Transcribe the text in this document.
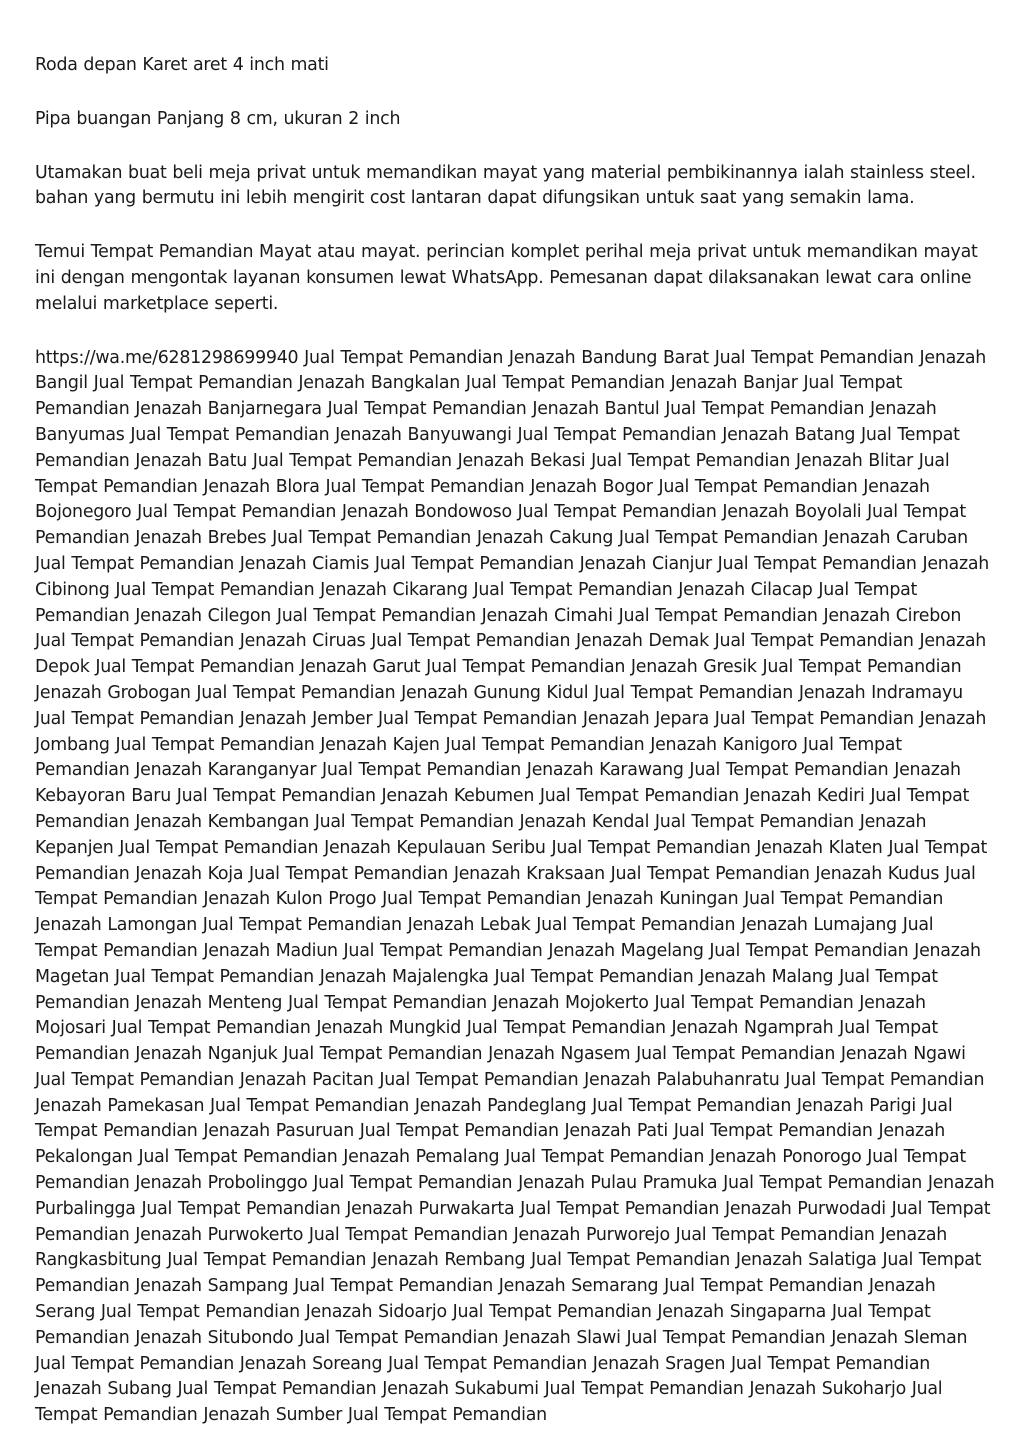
Roda depan Karet aret 4 inch mati

Pipa buangan Panjang 8 cm, ukuran 2 inch

Utamakan buat beli meja privat untuk memandikan mayat yang material pembikinannya ialah stainless steel. bahan yang bermutu ini lebih mengirit cost lantaran dapat difungsikan untuk saat yang semakin lama.

Temui Tempat Pemandian Mayat atau mayat. perincian komplet perihal meja privat untuk memandikan mayat ini dengan mengontak layanan konsumen lewat WhatsApp. Pemesanan dapat dilaksanakan lewat cara online melalui marketplace seperti.

https://wa.me/6281298699940 Jual Tempat Pemandian Jenazah Bandung Barat Jual Tempat Pemandian Jenazah Bangil Jual Tempat Pemandian Jenazah Bangkalan Jual Tempat Pemandian Jenazah Banjar Jual Tempat Pemandian Jenazah Banjarnegara Jual Tempat Pemandian Jenazah Bantul Jual Tempat Pemandian Jenazah Banyumas Jual Tempat Pemandian Jenazah Banyuwangi Jual Tempat Pemandian Jenazah Batang Jual Tempat Pemandian Jenazah Batu Jual Tempat Pemandian Jenazah Bekasi Jual Tempat Pemandian Jenazah Blitar Jual Tempat Pemandian Jenazah Blora Jual Tempat Pemandian Jenazah Bogor Jual Tempat Pemandian Jenazah Bojonegoro Jual Tempat Pemandian Jenazah Bondowoso Jual Tempat Pemandian Jenazah Boyolali Jual Tempat Pemandian Jenazah Brebes Jual Tempat Pemandian Jenazah Cakung Jual Tempat Pemandian Jenazah Caruban Jual Tempat Pemandian Jenazah Ciamis Jual Tempat Pemandian Jenazah Cianjur Jual Tempat Pemandian Jenazah Cibinong Jual Tempat Pemandian Jenazah Cikarang Jual Tempat Pemandian Jenazah Cilacap Jual Tempat Pemandian Jenazah Cilegon Jual Tempat Pemandian Jenazah Cimahi Jual Tempat Pemandian Jenazah Cirebon Jual Tempat Pemandian Jenazah Ciruas Jual Tempat Pemandian Jenazah Demak Jual Tempat Pemandian Jenazah Depok Jual Tempat Pemandian Jenazah Garut Jual Tempat Pemandian Jenazah Gresik Jual Tempat Pemandian Jenazah Grobogan Jual Tempat Pemandian Jenazah Gunung Kidul Jual Tempat Pemandian Jenazah Indramayu Jual Tempat Pemandian Jenazah Jember Jual Tempat Pemandian Jenazah Jepara Jual Tempat Pemandian Jenazah Jombang Jual Tempat Pemandian Jenazah Kajen Jual Tempat Pemandian Jenazah Kanigoro Jual Tempat Pemandian Jenazah Karanganyar Jual Tempat Pemandian Jenazah Karawang Jual Tempat Pemandian Jenazah Kebayoran Baru Jual Tempat Pemandian Jenazah Kebumen Jual Tempat Pemandian Jenazah Kediri Jual Tempat Pemandian Jenazah Kembangan Jual Tempat Pemandian Jenazah Kendal Jual Tempat Pemandian Jenazah Kepanjen Jual Tempat Pemandian Jenazah Kepulauan Seribu Jual Tempat Pemandian Jenazah Klaten Jual Tempat Pemandian Jenazah Koja Jual Tempat Pemandian Jenazah Kraksaan Jual Tempat Pemandian Jenazah Kudus Jual Tempat Pemandian Jenazah Kulon Progo Jual Tempat Pemandian Jenazah Kuningan Jual Tempat Pemandian Jenazah Lamongan Jual Tempat Pemandian Jenazah Lebak Jual Tempat Pemandian Jenazah Lumajang Jual Tempat Pemandian Jenazah Madiun Jual Tempat Pemandian Jenazah Magelang Jual Tempat Pemandian Jenazah Magetan Jual Tempat Pemandian Jenazah Majalengka Jual Tempat Pemandian Jenazah Malang Jual Tempat Pemandian Jenazah Menteng Jual Tempat Pemandian Jenazah Mojokerto Jual Tempat Pemandian Jenazah Mojosari Jual Tempat Pemandian Jenazah Mungkid Jual Tempat Pemandian Jenazah Ngamprah Jual Tempat Pemandian Jenazah Nganjuk Jual Tempat Pemandian Jenazah Ngasem Jual Tempat Pemandian Jenazah Ngawi Jual Tempat Pemandian Jenazah Pacitan Jual Tempat Pemandian Jenazah Palabuhanratu Jual Tempat Pemandian Jenazah Pamekasan Jual Tempat Pemandian Jenazah Pandeglang Jual Tempat Pemandian Jenazah Parigi Jual Tempat Pemandian Jenazah Pasuruan Jual Tempat Pemandian Jenazah Pati Jual Tempat Pemandian Jenazah Pekalongan Jual Tempat Pemandian Jenazah Pemalang Jual Tempat Pemandian Jenazah Ponorogo Jual Tempat Pemandian Jenazah Probolinggo Jual Tempat Pemandian Jenazah Pulau Pramuka Jual Tempat Pemandian Jenazah Purbalingga Jual Tempat Pemandian Jenazah Purwakarta Jual Tempat Pemandian Jenazah Purwodadi Jual Tempat Pemandian Jenazah Purwokerto Jual Tempat Pemandian Jenazah Purworejo Jual Tempat Pemandian Jenazah Rangkasbitung Jual Tempat Pemandian Jenazah Rembang Jual Tempat Pemandian Jenazah Salatiga Jual Tempat Pemandian Jenazah Sampang Jual Tempat Pemandian Jenazah Semarang Jual Tempat Pemandian Jenazah Serang Jual Tempat Pemandian Jenazah Sidoarjo Jual Tempat Pemandian Jenazah Singaparna Jual Tempat Pemandian Jenazah Situbondo Jual Tempat Pemandian Jenazah Slawi Jual Tempat Pemandian Jenazah Sleman Jual Tempat Pemandian Jenazah Soreang Jual Tempat Pemandian Jenazah Sragen Jual Tempat Pemandian Jenazah Subang Jual Tempat Pemandian Jenazah Sukabumi Jual Tempat Pemandian Jenazah Sukoharjo Jual Tempat Pemandian Jenazah Sumber Jual Tempat Pemandian
